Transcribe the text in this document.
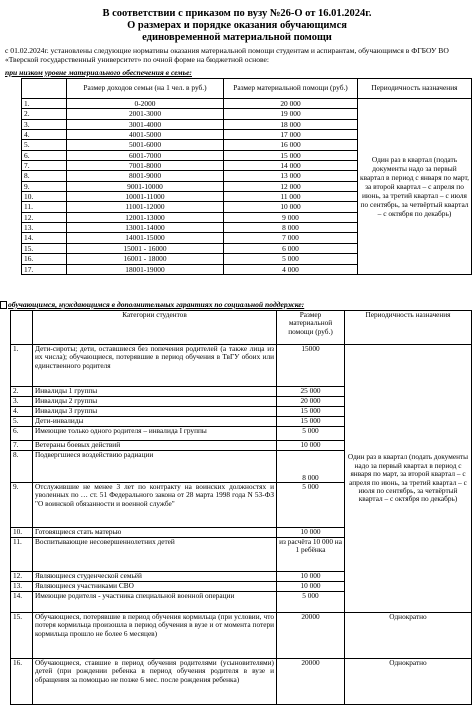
В соответствии с приказом по вузу №26-О от 16.01.2024г.
О размерах и порядке оказания обучающимся
единовременной материальной помощи
с 01.02.2024г. установлены следующие нормативы оказания материальной помощи студентам и аспирантам, обучающимся в ФГБОУ ВО «Тверской государственный университет» по очной форме на бюджетной основе:
при низком уровне материального обеспечения в семье:
	Размер доходов семьи (на 1 чел. в руб.)	Размер материальной помощи (руб.)	Периодичность назначения
1.	0-2000	20 000	Один раз в квартал (подать документы надо за первый квартал в период с января по март, за второй квартал – с апреля по июнь, за третий квартал – с июля по сентябрь, за четвёртый квартал – с октября по декабрь)
2.	2001-3000	19 000	
3.	3001-4000	18 000	
4.	4001-5000	17 000	
5.	5001-6000	16 000	
6.	6001-7000	15 000	
7.	7001-8000	14 000	
8.	8001-9000	13 000	
9.	9001-10000	12 000	
10.	10001-11000	11 000	
11.	11001-12000	10 000	
12.	12001-13000	9 000	
13.	13001-14000	8 000	
14.	14001-15000	7 000	
15.	15001 - 16000	6 000	
16.	16001 - 18000	5 000	
17.	18001-19000	4 000	
обучающимся, нуждающимся в дополнительных гарантиях по социальной поддержке:
	Категории студентов	Размер материальной помощи (руб.)	Периодичность назначения
1.	Дети-сироты; дети, оставшиеся без попечения родителей (а также лица из их числа); обучающиеся, потерявшие в период обучения в ТвГУ обоих или единственного родителя	15000	Один раз в квартал (подать документы надо за первый квартал в период с января по март, за второй квартал – с апреля по июнь, за третий квартал – с июля по сентябрь, за четвёртый квартал – с октября по декабрь)
2.	Инвалиды 1 группы	25 000	
3.	Инвалиды 2 группы	20 000	
4.	Инвалиды 3 группы	15 000	
5.	Дети-инвалиды	15 000	
6.	Имеющие только одного родителя – инвалида I группы	5 000	
7.	Ветераны боевых действий	10 000	
8.	Подвергшиеся воздействию радиации	8 000	
9.	Отслужившие не менее 3 лет по контракту на воинских должностях и уволенных по … ст. 51 Федерального закона от 28 марта 1998 года N 53-ФЗ "О воинской обязанности и военной службе"	5 000	
10.	Готовящиеся стать матерью	10 000	
11.	Воспитывающие несовершеннолетних детей	из расчёта 10 000 на 1 ребёнка	
12.	Являющиеся студенческой семьёй	10 000	
13.	Являющиеся участниками СВО	10 000	
14.	Имеющие родителя - участника специальной военной операции	5 000	
15.	Обучающиеся, потерявшие в период обучения кормильца (при условии, что потеря кормильца произошла в период обучения в вузе и от момента потери кормильца прошло не более 6 месяцев)	20000	Однократно
16.	Обучающиеся, ставшие в период обучения родителями (усыновителями) детей (при рождении ребенка в период обучения родителя в вузе и обращения за помощью не позже 6 мес. после рождения ребенка)	20000	Однократно
